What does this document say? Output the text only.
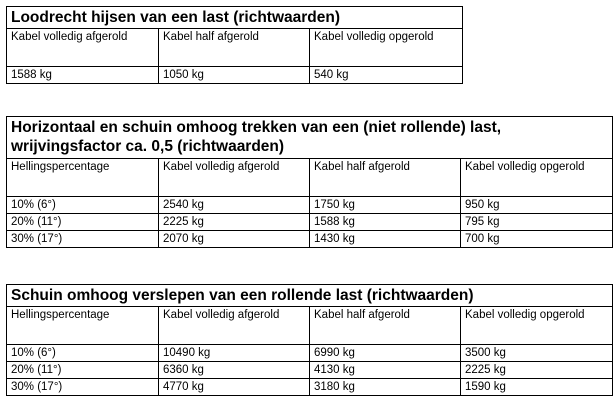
Loodrecht hijsen van een last (richtwaarden)		
Kabel volledig afgerold	Kabel half afgerold	Kabel volledig opgerold
1588 kg	1050 kg	540 kg
Horizontaal en schuin omhoog trekken van een (niet rollende) last, wrijvingsfactor ca. 0,5 (richtwaarden)			
Hellingspercentage	Kabel volledig afgerold	Kabel half afgerold	Kabel volledig opgerold
10% (6°)	2540 kg	1750 kg	950 kg
20% (11°)	2225 kg	1588 kg	795 kg
30% (17°)	2070 kg	1430 kg	700 kg
Schuin omhoog verslepen van een rollende last (richtwaarden)			
Hellingspercentage	Kabel volledig afgerold	Kabel half afgerold	Kabel volledig opgerold
10% (6°)	10490 kg	6990 kg	3500 kg
20% (11°)	6360 kg	4130 kg	2225 kg
30% (17°)	4770 kg	3180 kg	1590 kg
